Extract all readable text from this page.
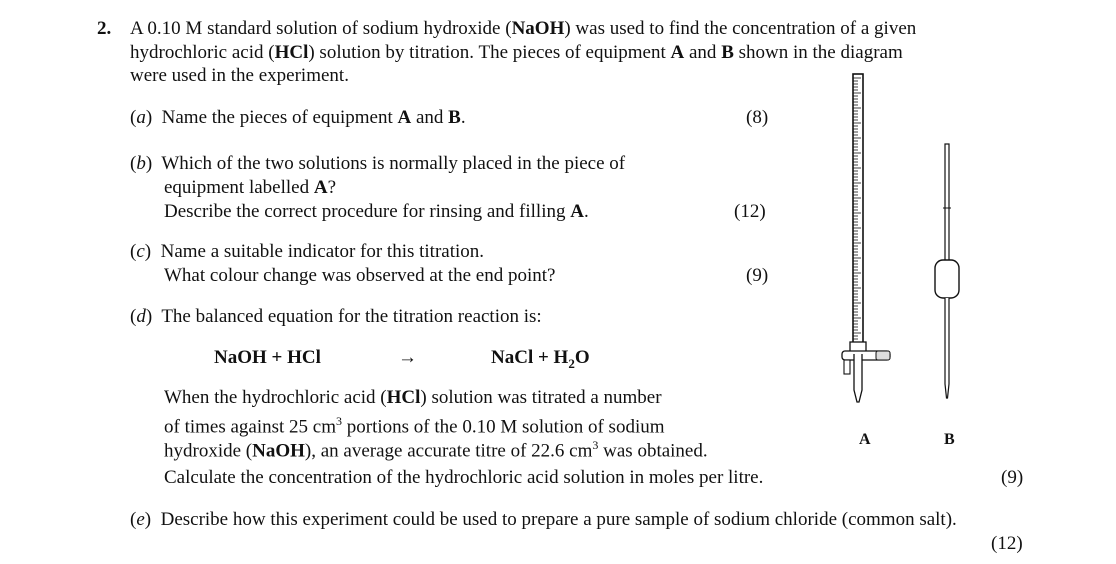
2. A 0.10 M standard solution of sodium hydroxide (NaOH) was used to find the concentration of a given
hydrochloric acid (HCl) solution by titration. The pieces of equipment A and B shown in the diagram
were used in the experiment.
(a)  Name the pieces of equipment A and B.	(8)
(b)  Which of the two solutions is normally placed in the piece of
equipment labelled A?
Describe the correct procedure for rinsing and filling A.	(12)
(c)  Name a suitable indicator for this titration.
What colour change was observed at the end point?	(9)
(d)  The balanced equation for the titration reaction is:
NaOH + HCl	→	NaCl + $H_2O$
When the hydrochloric acid (HCl) solution was titrated a number
of times against 25 $cm^3$ portions of the 0.10 M solution of sodium
hydroxide (NaOH), an average accurate titre of 22.6 $cm^3$ was obtained.
Calculate the concentration of the hydrochloric acid solution in moles per litre.	(9)
(e)  Describe how this experiment could be used to prepare a pure sample of sodium chloride (common salt).
(12)
A	B
